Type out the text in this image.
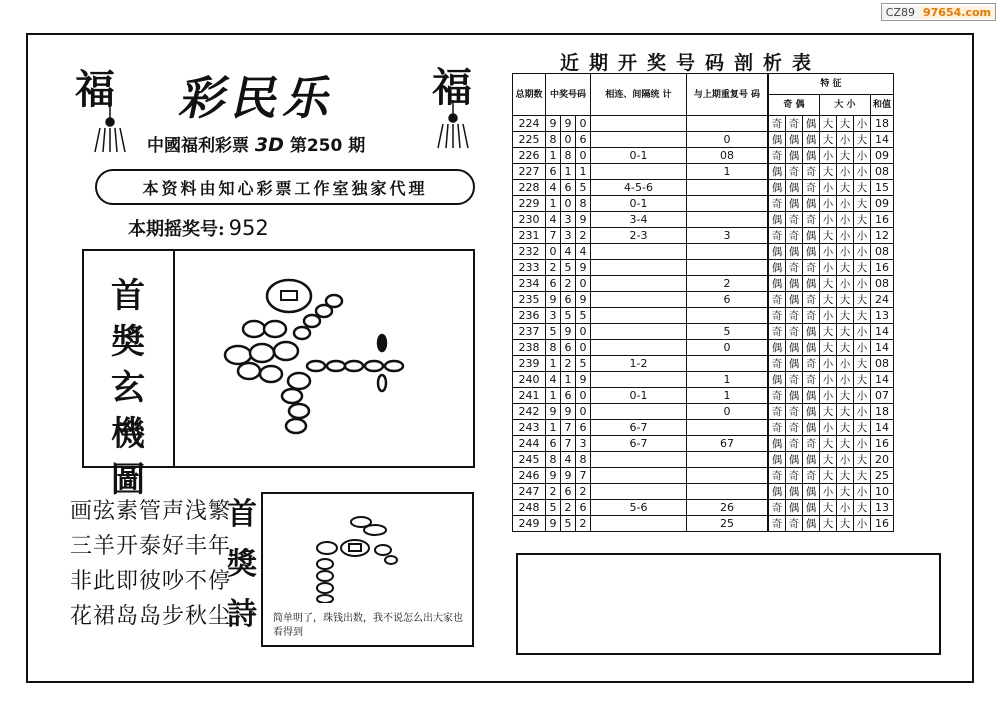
CZ89 97654.com
福	福
彩民乐
中國福利彩票 3D 第250 期
本资料由知心彩票工作室独家代理
本期摇奖号: 952
首
奬
玄
機
圖
画弦素管声浅繁
三羊开泰好丰年
非此即彼吵不停
花裙岛岛步秋尘
首
獎
詩	简单明了，珠钱出数，我不说怎么出大家也看得到
近期开奖号码剖析表
总期数	中奖号码			相连、间隔统 计	与上期重复号 码	特 征						
						奇 偶			大 小			和值
224	9	9	0			奇	奇	偶	大	大	小	18
225	8	0	6		0	偶	偶	偶	大	小	大	14
226	1	8	0	0-1	08	奇	偶	偶	小	大	小	09
227	6	1	1		1	偶	奇	奇	大	小	小	08
228	4	6	5	4-5-6		偶	偶	奇	小	大	大	15
229	1	0	8	0-1		奇	偶	偶	小	小	大	09
230	4	3	9	3-4		偶	奇	奇	小	小	大	16
231	7	3	2	2-3	3	奇	奇	偶	大	小	小	12
232	0	4	4			偶	偶	偶	小	小	小	08
233	2	5	9			偶	奇	奇	小	大	大	16
234	6	2	0		2	偶	偶	偶	大	小	小	08
235	9	6	9		6	奇	偶	奇	大	大	大	24
236	3	5	5			奇	奇	奇	小	大	大	13
237	5	9	0		5	奇	奇	偶	大	大	小	14
238	8	6	0		0	偶	偶	偶	大	大	小	14
239	1	2	5	1-2		奇	偶	奇	小	小	大	08
240	4	1	9		1	偶	奇	奇	小	小	大	14
241	1	6	0	0-1	1	奇	偶	偶	小	大	小	07
242	9	9	0		0	奇	奇	偶	大	大	小	18
243	1	7	6	6-7		奇	奇	偶	小	大	大	14
244	6	7	3	6-7	67	偶	奇	奇	大	大	小	16
245	8	4	8			偶	偶	偶	大	小	大	20
246	9	9	7			奇	奇	奇	大	大	大	25
247	2	6	2			偶	偶	偶	小	大	小	10
248	5	2	6	5-6	26	奇	偶	偶	大	小	大	13
249	9	5	2		25	奇	奇	偶	大	大	小	16
